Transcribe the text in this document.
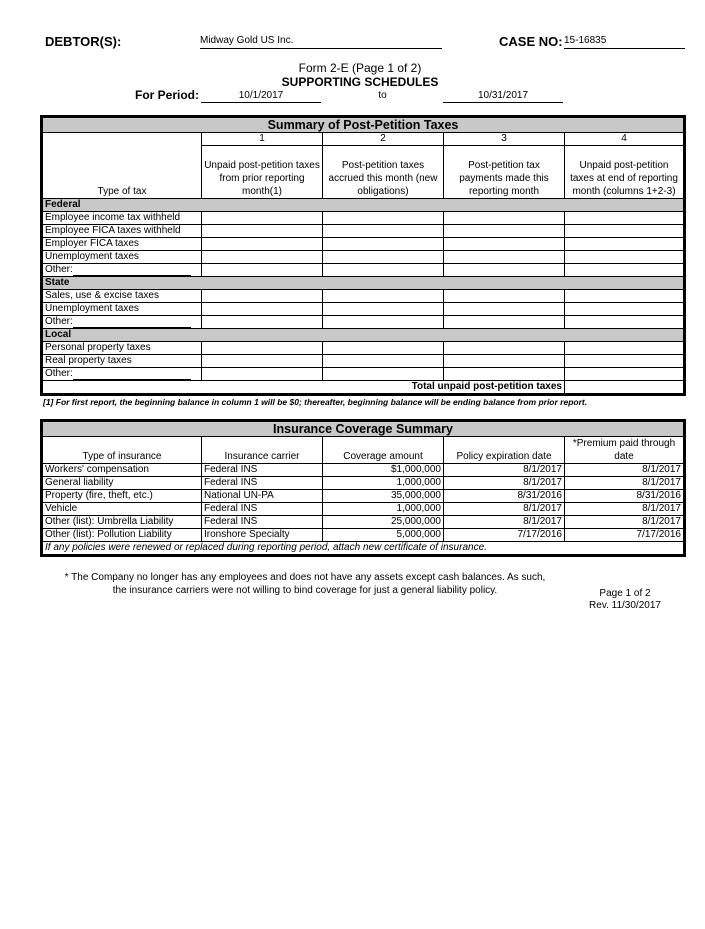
DEBTOR(S):	Midway Gold US Inc.	CASE NO: 15-16835
Form 2-E (Page 1 of 2)
SUPPORTING SCHEDULES
For Period:	10/1/2017	to	10/31/2017
Summary of Post-Petition Taxes				
	1	2	3	4
Type of tax	Unpaid post-petition taxes from prior reporting month(1)	Post-petition taxes accrued this month (new obligations)	Post-petition tax payments made this reporting month	Unpaid post-petition taxes at end of reporting month (columns 1+2-3)
Federal				
Employee income tax withheld				
Employee FICA taxes withheld				
Employer FICA taxes				
Unemployment taxes				
Other:				
State				
Sales, use & excise taxes				
Unemployment taxes				
Other:				
Local				
Personal property taxes				
Real property taxes				
Other:				
Total unpaid post-petition taxes				
[1] For first report, the beginning balance in column 1 will be $0; thereafter, beginning balance will be ending balance from prior report.
Insurance Coverage Summary				
Type of insurance	Insurance carrier	Coverage amount	Policy expiration date	*Premium paid through date
Workers' compensation	Federal INS	$1,000,000	8/1/2017	8/1/2017
General liability	Federal INS	1,000,000	8/1/2017	8/1/2017
Property (fire, theft, etc.)	National UN-PA	35,000,000	8/31/2016	8/31/2016
Vehicle	Federal INS	1,000,000	8/1/2017	8/1/2017
Other (list): Umbrella Liability	Federal INS	25,000,000	8/1/2017	8/1/2017
Other (list): Pollution Liability	Ironshore Specialty	5,000,000	7/17/2016	7/17/2016
If any policies were renewed or replaced during reporting period, attach new certificate of insurance.				
* The Company no longer has any employees and does not have any assets except cash balances. As such,
the insurance carriers were not willing to bind coverage for just a general liability policy.	Page 1 of 2
Rev. 11/30/2017
